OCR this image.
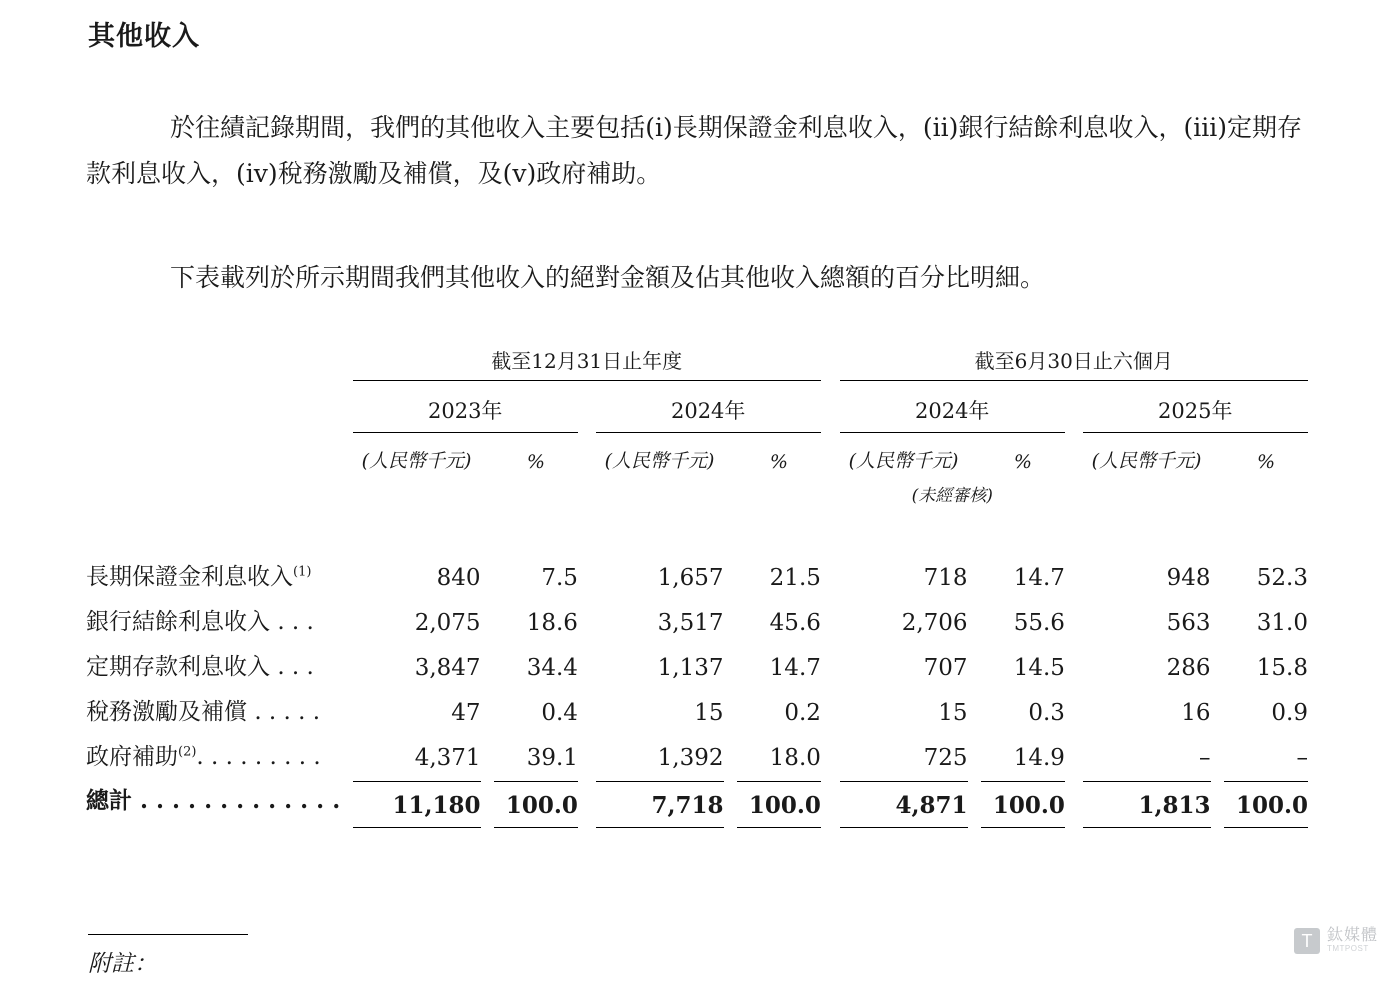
其他收入
於往績記錄期間，我們的其他收入主要包括(i)長期保證金利息收入，(ii)銀行結餘利息收入，(iii)定期存款利息收入，(iv)稅務激勵及補償，及(v)政府補助。
下表載列於所示期間我們其他收入的絕對金額及佔其他收入總額的百分比明細。
	截至12月31日止年度								截至6月30日止六個月						
	2023年				2024年				2024年				2025年		
	(人民幣千元)		%		(人民幣千元)		%		(人民幣千元)		%		(人民幣千元)		%
									(未經審核)						

長期保證金利息收入$^{(1)}$	840		7.5		1,657		21.5		718		14.7		948		52.3
銀行結餘利息收入 . . .	2,075		18.6		3,517		45.6		2,706		55.6		563		31.0
定期存款利息收入 . . .	3,847		34.4		1,137		14.7		707		14.5		286		15.8
稅務激勵及補償 . . . . .	47		0.4		15		0.2		15		0.3		16		0.9
政府補助$^{(2)}$. . . . . . . . .	4,371		39.1		1,392		18.0		725		14.9		–		–
總計 . . . . . . . . . . . . .	11,180		100.0		7,718		100.0		4,871		100.0		1,813		100.0

附註：
T 鈦媒體
TMTPOST
